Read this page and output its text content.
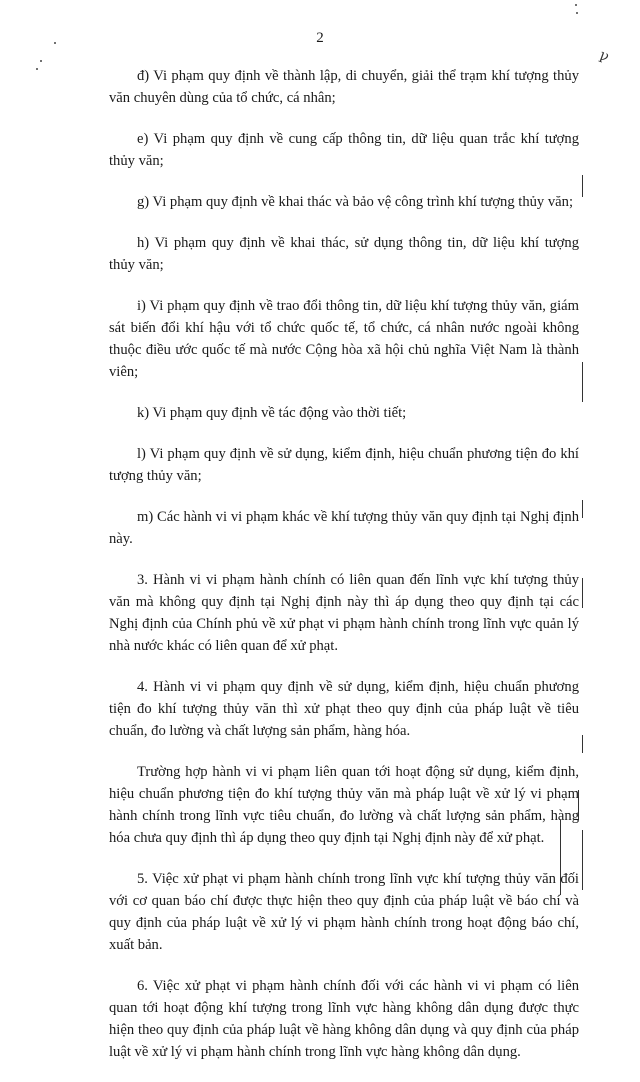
2
ꝩ

đ) Vi phạm quy định về thành lập, di chuyển, giải thể trạm khí tượng thủy văn chuyên dùng của tổ chức, cá nhân;

e) Vi phạm quy định về cung cấp thông tin, dữ liệu quan trắc khí tượng thủy văn;

g) Vi phạm quy định về khai thác và bảo vệ công trình khí tượng thủy văn;

h) Vi phạm quy định về khai thác, sử dụng thông tin, dữ liệu khí tượng thủy văn;

i) Vi phạm quy định về trao đổi thông tin, dữ liệu khí tượng thủy văn, giám sát biến đổi khí hậu với tổ chức quốc tế, tổ chức, cá nhân nước ngoài không thuộc điều ước quốc tế mà nước Cộng hòa xã hội chủ nghĩa Việt Nam là thành viên;

k) Vi phạm quy định về tác động vào thời tiết;

l) Vi phạm quy định về sử dụng, kiểm định, hiệu chuẩn phương tiện đo khí tượng thủy văn;

m) Các hành vi vi phạm khác về khí tượng thủy văn quy định tại Nghị định này.

3. Hành vi vi phạm hành chính có liên quan đến lĩnh vực khí tượng thủy văn mà không quy định tại Nghị định này thì áp dụng theo quy định tại các Nghị định của Chính phủ về xử phạt vi phạm hành chính trong lĩnh vực quản lý nhà nước khác có liên quan để xử phạt.

4. Hành vi vi phạm quy định về sử dụng, kiểm định, hiệu chuẩn phương tiện đo khí tượng thủy văn thì xử phạt theo quy định của pháp luật về tiêu chuẩn, đo lường và chất lượng sản phẩm, hàng hóa.

Trường hợp hành vi vi phạm liên quan tới hoạt động sử dụng, kiểm định, hiệu chuẩn phương tiện đo khí tượng thủy văn mà pháp luật về xử lý vi phạm hành chính trong lĩnh vực tiêu chuẩn, đo lường và chất lượng sản phẩm, hàng hóa chưa quy định thì áp dụng theo quy định tại Nghị định này để xử phạt.

5. Việc xử phạt vi phạm hành chính trong lĩnh vực khí tượng thủy văn đối với cơ quan báo chí được thực hiện theo quy định của pháp luật về báo chí và quy định của pháp luật về xử lý vi phạm hành chính trong hoạt động báo chí, xuất bản.

6. Việc xử phạt vi phạm hành chính đối với các hành vi vi phạm có liên quan tới hoạt động khí tượng trong lĩnh vực hàng không dân dụng được thực hiện theo quy định của pháp luật về hàng không dân dụng và quy định của pháp luật về xử lý vi phạm hành chính trong lĩnh vực hàng không dân dụng.
